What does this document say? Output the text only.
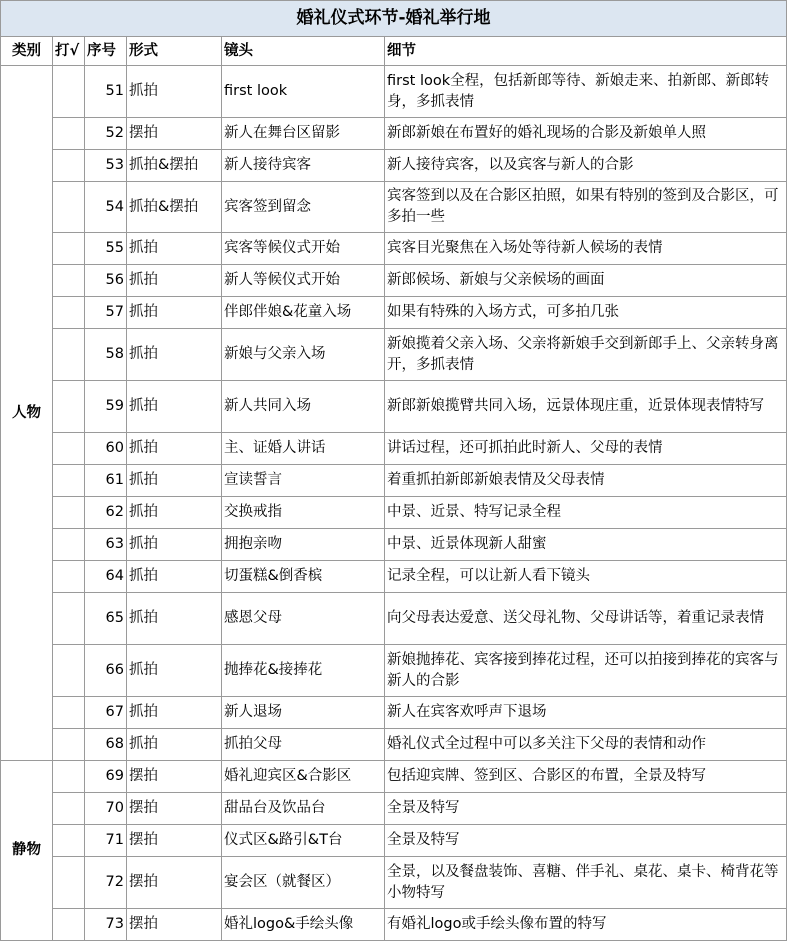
婚礼仪式环节-婚礼举行地					
类别	打√	序号	形式	镜头	细节
人物		51	抓拍	first look	first look全程，包括新郎等待、新娘走来、拍新郎、新郎转身，多抓表情
		52	摆拍	新人在舞台区留影	新郎新娘在布置好的婚礼现场的合影及新娘单人照
		53	抓拍&摆拍	新人接待宾客	新人接待宾客，以及宾客与新人的合影
		54	抓拍&摆拍	宾客签到留念	宾客签到以及在合影区拍照，如果有特别的签到及合影区，可多拍一些
		55	抓拍	宾客等候仪式开始	宾客目光聚焦在入场处等待新人候场的表情
		56	抓拍	新人等候仪式开始	新郎候场、新娘与父亲候场的画面
		57	抓拍	伴郎伴娘&花童入场	如果有特殊的入场方式，可多拍几张
		58	抓拍	新娘与父亲入场	新娘揽着父亲入场、父亲将新娘手交到新郎手上、父亲转身离开，多抓表情
		59	抓拍	新人共同入场	新郎新娘揽臂共同入场，远景体现庄重，近景体现表情特写
		60	抓拍	主、证婚人讲话	讲话过程，还可抓拍此时新人、父母的表情
		61	抓拍	宣读誓言	着重抓拍新郎新娘表情及父母表情
		62	抓拍	交换戒指	中景、近景、特写记录全程
		63	抓拍	拥抱亲吻	中景、近景体现新人甜蜜
		64	抓拍	切蛋糕&倒香槟	记录全程，可以让新人看下镜头
		65	抓拍	感恩父母	向父母表达爱意、送父母礼物、父母讲话等，着重记录表情
		66	抓拍	抛捧花&接捧花	新娘抛捧花、宾客接到捧花过程，还可以拍接到捧花的宾客与新人的合影
		67	抓拍	新人退场	新人在宾客欢呼声下退场
		68	抓拍	抓拍父母	婚礼仪式全过程中可以多关注下父母的表情和动作
静物		69	摆拍	婚礼迎宾区&合影区	包括迎宾牌、签到区、合影区的布置，全景及特写
		70	摆拍	甜品台及饮品台	全景及特写
		71	摆拍	仪式区&路引&T台	全景及特写
		72	摆拍	宴会区（就餐区）	全景，以及餐盘装饰、喜糖、伴手礼、桌花、桌卡、椅背花等小物特写
		73	摆拍	婚礼logo&手绘头像	有婚礼logo或手绘头像布置的特写
